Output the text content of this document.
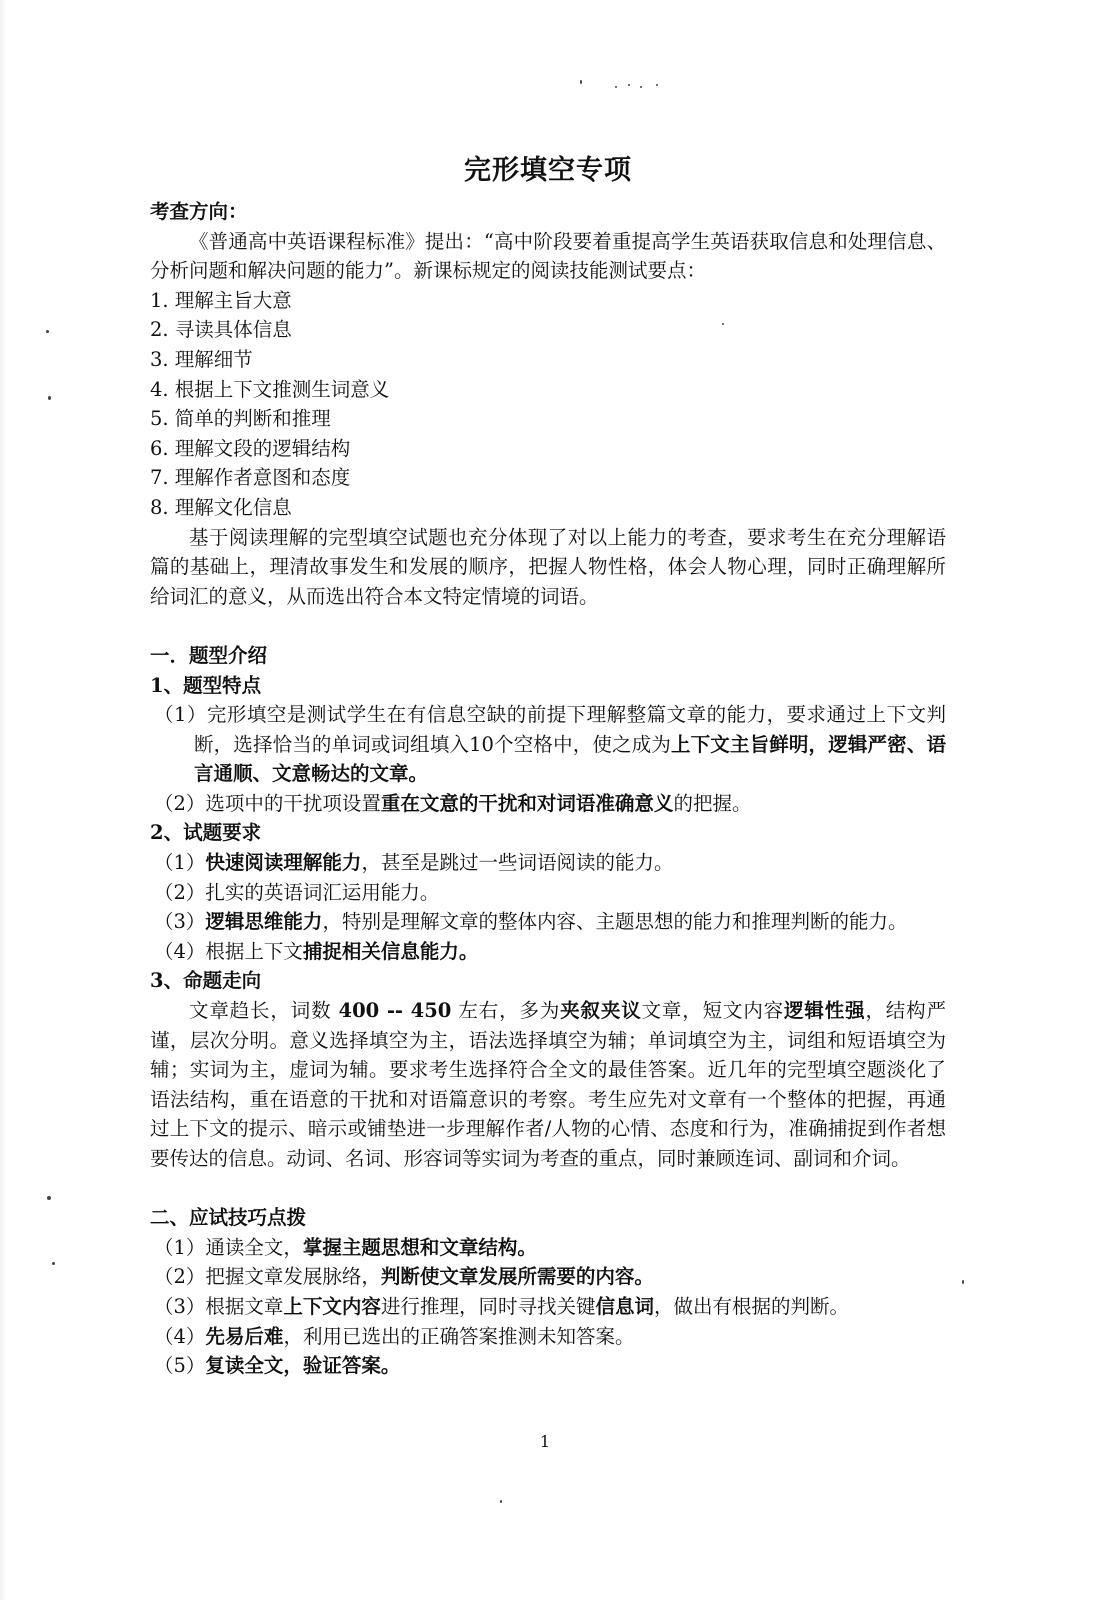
完形填空专项

考查方向：

《普通高中英语课程标准》提出：“高中阶段要着重提高学生英语获取信息和处理信息、分析问题和解决问题的能力”。新课标规定的阅读技能测试要点：

1. 理解主旨大意

2. 寻读具体信息

3. 理解细节

4. 根据上下文推测生词意义

5. 简单的判断和推理

6. 理解文段的逻辑结构

7. 理解作者意图和态度

8. 理解文化信息

基于阅读理解的完型填空试题也充分体现了对以上能力的考查，要求考生在充分理解语篇的基础上，理清故事发生和发展的顺序，把握人物性格，体会人物心理，同时正确理解所给词汇的意义，从而选出符合本文特定情境的词语。

一．题型介绍

1、题型特点

（1）完形填空是测试学生在有信息空缺的前提下理解整篇文章的能力，要求通过上下文判断，选择恰当的单词或词组填入10个空格中，使之成为上下文主旨鲜明，逻辑严密、语言通顺、文意畅达的文章。

（2）选项中的干扰项设置重在文意的干扰和对词语准确意义的把握。

2、试题要求

（1）快速阅读理解能力，甚至是跳过一些词语阅读的能力。

（2）扎实的英语词汇运用能力。

（3）逻辑思维能力，特别是理解文章的整体内容、主题思想的能力和推理判断的能力。

（4）根据上下文捕捉相关信息能力。

3、命题走向

文章趋长，词数 400 -- 450 左右，多为夹叙夹议文章，短文内容逻辑性强，结构严谨，层次分明。意义选择填空为主，语法选择填空为辅；单词填空为主，词组和短语填空为辅；实词为主，虚词为辅。要求考生选择符合全文的最佳答案。近几年的完型填空题淡化了语法结构，重在语意的干扰和对语篇意识的考察。考生应先对文章有一个整体的把握，再通过上下文的提示、暗示或铺垫进一步理解作者/人物的心情、态度和行为，准确捕捉到作者想要传达的信息。动词、名词、形容词等实词为考查的重点，同时兼顾连词、副词和介词。

二、应试技巧点拨

（1）通读全文，掌握主题思想和文章结构。

（2）把握文章发展脉络，判断使文章发展所需要的内容。

（3）根据文章上下文内容进行推理，同时寻找关键信息词，做出有根据的判断。

（4）先易后难，利用已选出的正确答案推测未知答案。

（5）复读全文，验证答案。

1
